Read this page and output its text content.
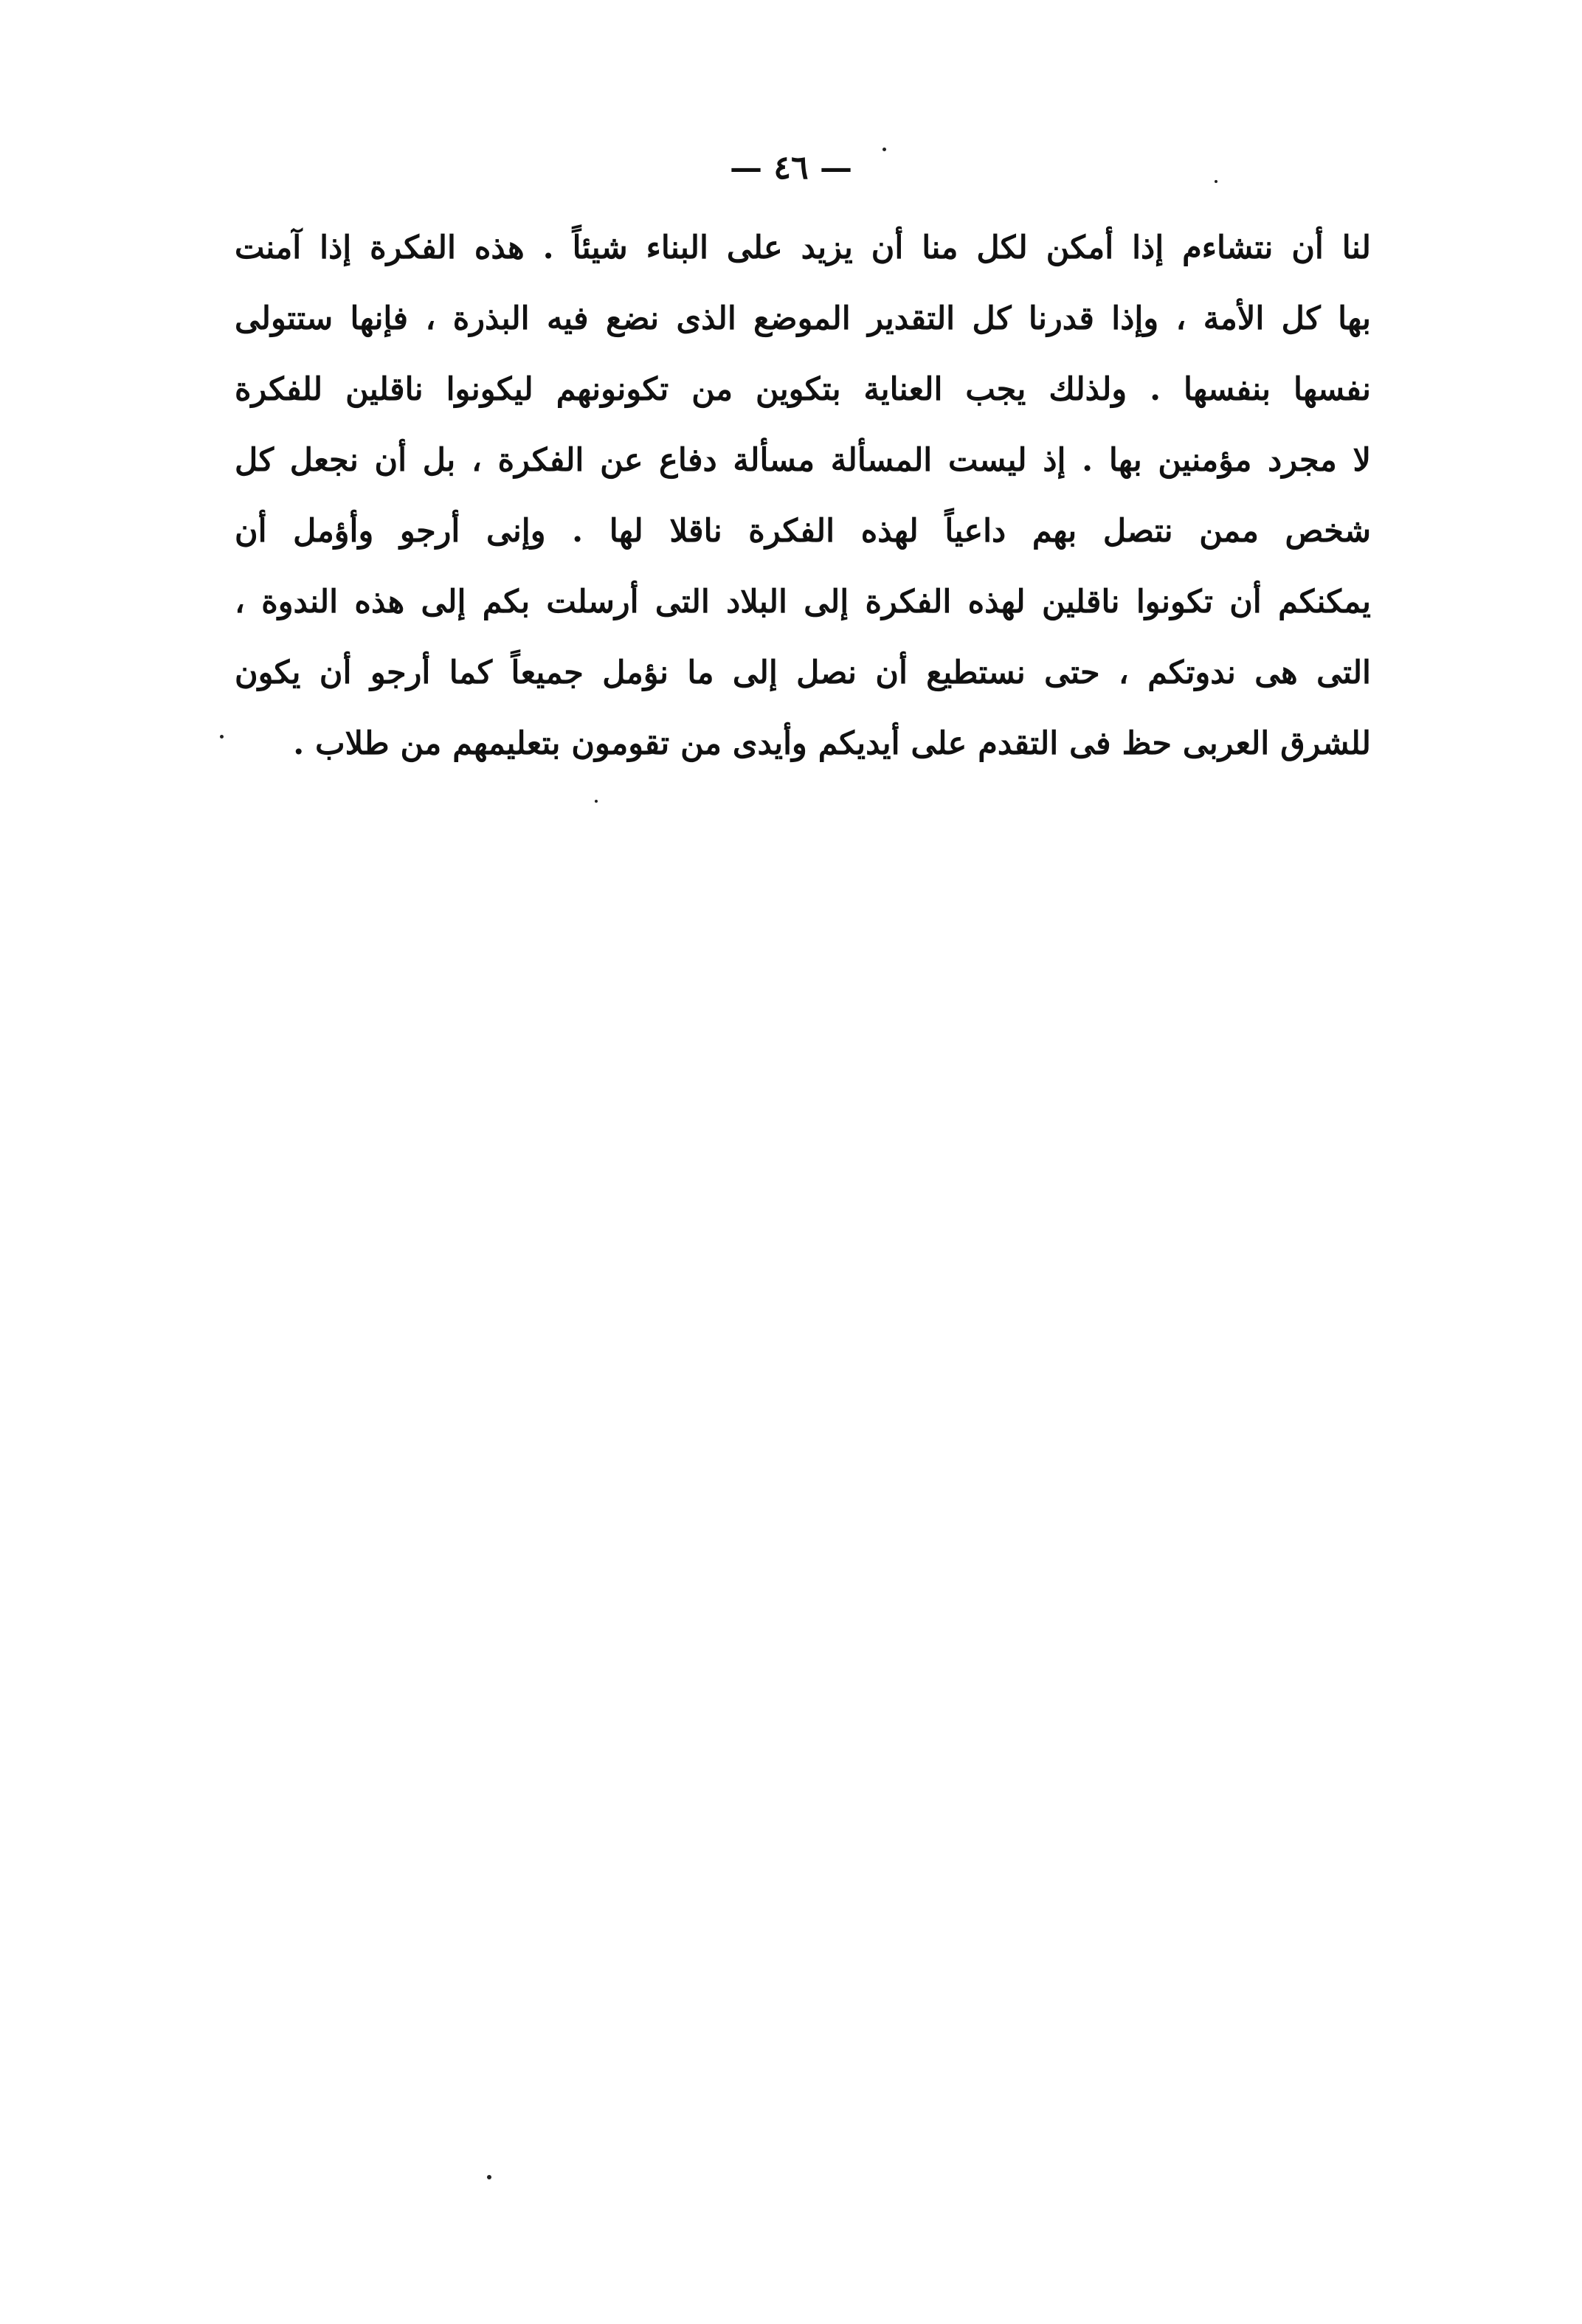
— ٤٦ —
لنا أن نتشاءم إذا أمكن لكل منا أن يزيد على البناء شيئاً . هذه الفكرة إذا آمنت
بها كل الأمة ، وإذا قدرنا كل التقدير الموضع الذى نضع فيه البذرة ، فإنها ستتولى
نفسها بنفسها . ولذلك يجب العناية بتكوين من تكونونهم ليكونوا ناقلين للفكرة
لا مجرد مؤمنين بها . إذ ليست المسألة مسألة دفاع عن الفكرة ، بل أن نجعل كل
شخص ممن نتصل بهم داعياً لهذه الفكرة ناقلا لها . وإنى أرجو وأؤمل أن
يمكنكم أن تكونوا ناقلين لهذه الفكرة إلى البلاد التى أرسلت بكم إلى هذه الندوة ،
التى هى ندوتكم ، حتى نستطيع أن نصل إلى ما نؤمل جميعاً كما أرجو أن يكون
للشرق العربى حظ فى التقدم على أيديكم وأيدى من تقومون بتعليمهم من طلاب .
